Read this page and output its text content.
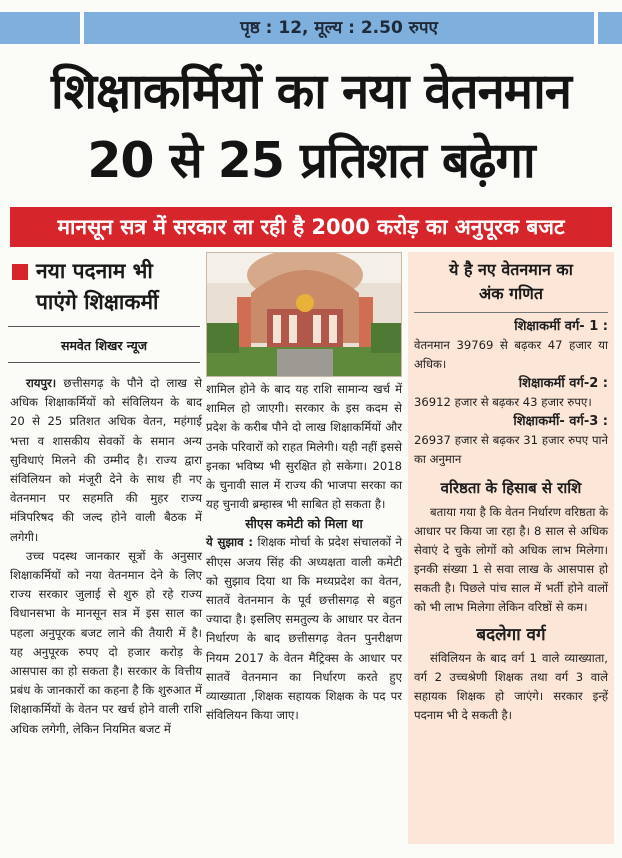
पृष्ठ : 12, मूल्य : 2.50 रुपए
शिक्षाकर्मियों का नया वेतनमान
20 से 25 प्रतिशत बढ़ेगा
मानसून सत्र में सरकार ला रही है 2000 करोड़ का अनुपूरक बजट
नया पदनाम भी
पाएंगे शिक्षाकर्मी
समवेत शिखर न्यूज

रायपुर। छत्तीसगढ़ के पौने दो लाख से अधिक शिक्षाकर्मियों को संविलियन के बाद 20 से 25 प्रतिशत अधिक वेतन, महंगाई भत्ता व शासकीय सेवकों के समान अन्य सुविधाएं मिलने की उम्मीद है। राज्य द्वारा संविलियन को मंजूरी देने के साथ ही नए वेतनमान पर सहमति की मुहर राज्य मंत्रिपरिषद की जल्द होने वाली बैठक में लगेगी।

उच्च पदस्थ जानकार सूत्रों के अनुसार शिक्षाकर्मियों को नया वेतनमान देने के लिए राज्य सरकार जुलाई से शुरु हो रहे राज्य विधानसभा के मानसून सत्र में इस साल का पहला अनुपूरक बजट लाने की तैयारी में है। यह अनुपूरक रुपए दो हजार करोड़ के आसपास का हो सकता है। सरकार के वित्तीय प्रबंध के जानकारों का कहना है कि शुरुआत में शिक्षाकर्मियों के वेतन पर खर्च होने वाली राशि अधिक लगेगी, लेकिन नियमित बजट में

शामिल होने के बाद यह राशि सामान्य खर्च में शामिल हो जाएगी। सरकार के इस कदम से प्रदेश के करीब पौने दो लाख शिक्षाकर्मियों और उनके परिवारों को राहत मिलेगी। यही नहीं इससे इनका भविष्य भी सुरक्षित हो सकेगा। 2018 के चुनावी साल में राज्य की भाजपा सरका का यह चुनावी ब्रम्हास्त्र भी साबित हो सकता है।

सीएस कमेटी को मिला था

ये सुझाव : शिक्षक मोर्चा के प्रदेश संचालकों ने सीएस अजय सिंह की अध्यक्षता वाली कमेटी को सुझाव दिया था कि मध्यप्रदेश का वेतन, सातवें वेतनमान के पूर्व छत्तीसगढ़ से बहुत ज्यादा है। इसलिए समतुल्य के आधार पर वेतन निर्धारण के बाद छत्तीसगढ़ वेतन पुनरीक्षण नियम 2017 के वेतन मैट्रिक्स के आधार पर सातवें वेतनमान का निर्धारण करते हुए व्याख्याता ,शिक्षक सहायक शिक्षक के पद पर संविलियन किया जाए।

ये है नए वेतनमान का
अंक गणित
शिक्षाकर्मी वर्ग- 1 :

वेतनमान 39769 से बढ़कर 47 हजार या अधिक।

शिक्षाकर्मी वर्ग-2 :

36912 हजार से बढ़कर 43 हजार रुपए।

शिक्षाकर्मी- वर्ग-3 :

26937 हजार से बढ़कर 31 हजार रुपए पाने का अनुमान

वरिष्ठता के हिसाब से राशि

बताया गया है कि वेतन निर्धारण वरिष्ठता के आधार पर किया जा रहा है। 8 साल से अधिक सेवाएं दे चुके लोगों को अधिक लाभ मिलेगा। इनकी संख्या 1 से सवा लाख के आसपास हो सकती है। पिछले पांच साल में भर्ती होने वालों को भी लाभ मिलेगा लेकिन वरिष्ठों से कम।

बदलेगा वर्ग

संविलियन के बाद वर्ग 1 वाले व्याख्याता, वर्ग 2 उच्चश्रेणी शिक्षक तथा वर्ग 3 वाले सहायक शिक्षक हो जाएंगे। सरकार इन्हें पदनाम भी दे सकती है।
